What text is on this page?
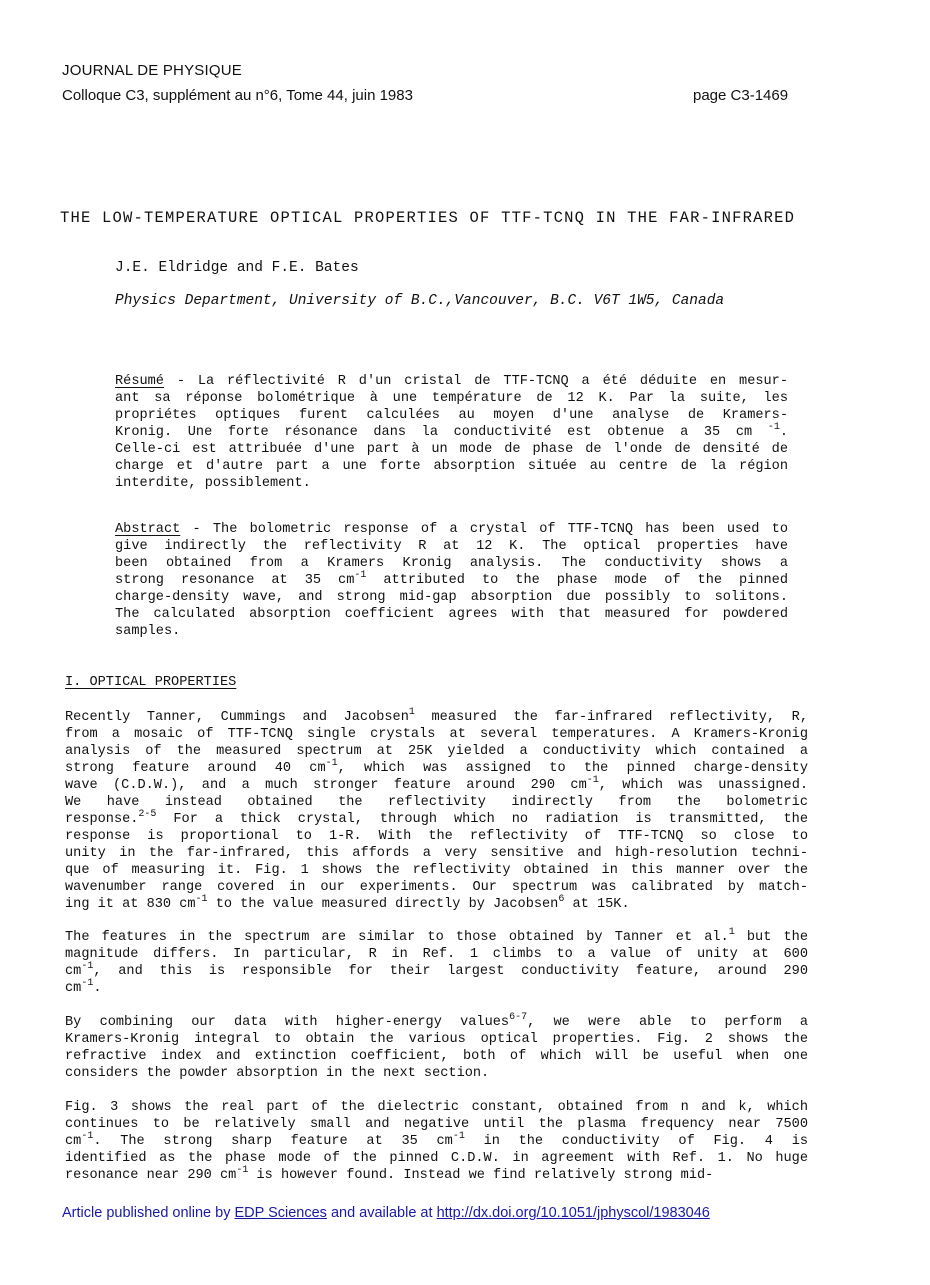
JOURNAL DE PHYSIQUE
Colloque C3, supplément au n°6, Tome 44, juin 1983	page C3-1469
THE LOW-TEMPERATURE OPTICAL PROPERTIES OF TTF-TCNQ IN THE FAR-INFRARED
J.E. Eldridge and F.E. Bates
Physics Department, University of B.C.,Vancouver, B.C. V6T 1W5, Canada
Résumé - La réflectivité R d'un cristal de TTF-TCNQ a été déduite en mesur-
ant sa réponse bolométrique à une température de 12 K. Par la suite, les
propriétes optiques furent calculées au moyen d'une analyse de Kramers-
Kronig. Une forte résonance dans la conductivité est obtenue a 35 cm $^{-1}$.
Celle-ci est attribuée d'une part à un mode de phase de l'onde de densité de
charge et d'autre part a une forte absorption située au centre de la région
interdite, possiblement.
Abstract - The bolometric response of a crystal of TTF-TCNQ has been used to
give indirectly the reflectivity R at 12 K. The optical properties have
been obtained from a Kramers Kronig analysis. The conductivity shows a
strong resonance at 35 $cm^{-1}$ attributed to the phase mode of the pinned
charge-density wave, and strong mid-gap absorption due possibly to solitons.
The calculated absorption coefficient agrees with that measured for powdered
samples.
I. OPTICAL PROPERTIES
Recently Tanner, Cummings and Jacobsen$^1$ measured the far-infrared reflectivity, R,
from a mosaic of TTF-TCNQ single crystals at several temperatures. A Kramers-Kronig
analysis of the measured spectrum at 25K yielded a conductivity which contained a
strong feature around 40 $cm^{-1}$, which was assigned to the pinned charge-density
wave (C.D.W.), and a much stronger feature around 290 $cm^{-1}$, which was unassigned.
We have instead obtained the reflectivity indirectly from the bolometric
response.$^{2-5}$ For a thick crystal, through which no radiation is transmitted, the
response is proportional to 1-R. With the reflectivity of TTF-TCNQ so close to
unity in the far-infrared, this affords a very sensitive and high-resolution techni-
que of measuring it. Fig. 1 shows the reflectivity obtained in this manner over the
wavenumber range covered in our experiments. Our spectrum was calibrated by match-
ing it at 830 $cm^{-1}$ to the value measured directly by Jacobsen$^6$ at 15K.
The features in the spectrum are similar to those obtained by Tanner et al.$^1$ but the
magnitude differs. In particular, R in Ref. 1 climbs to a value of unity at 600
$cm^{-1}$, and this is responsible for their largest conductivity feature, around 290
$cm^{-1}$.
By combining our data with higher-energy values$^{6-7}$, we were able to perform a
Kramers-Kronig integral to obtain the various optical properties. Fig. 2 shows the
refractive index and extinction coefficient, both of which will be useful when one
considers the powder absorption in the next section.
Fig. 3 shows the real part of the dielectric constant, obtained from n and k, which
continues to be relatively small and negative until the plasma frequency near 7500
$cm^{-1}$. The strong sharp feature at 35 $cm^{-1}$ in the conductivity of Fig. 4 is
identified as the phase mode of the pinned C.D.W. in agreement with Ref. 1. No huge
resonance near 290 $cm^{-1}$ is however found. Instead we find relatively strong mid-
Article published online by EDP Sciences and available at http://dx.doi.org/10.1051/jphyscol/1983046
